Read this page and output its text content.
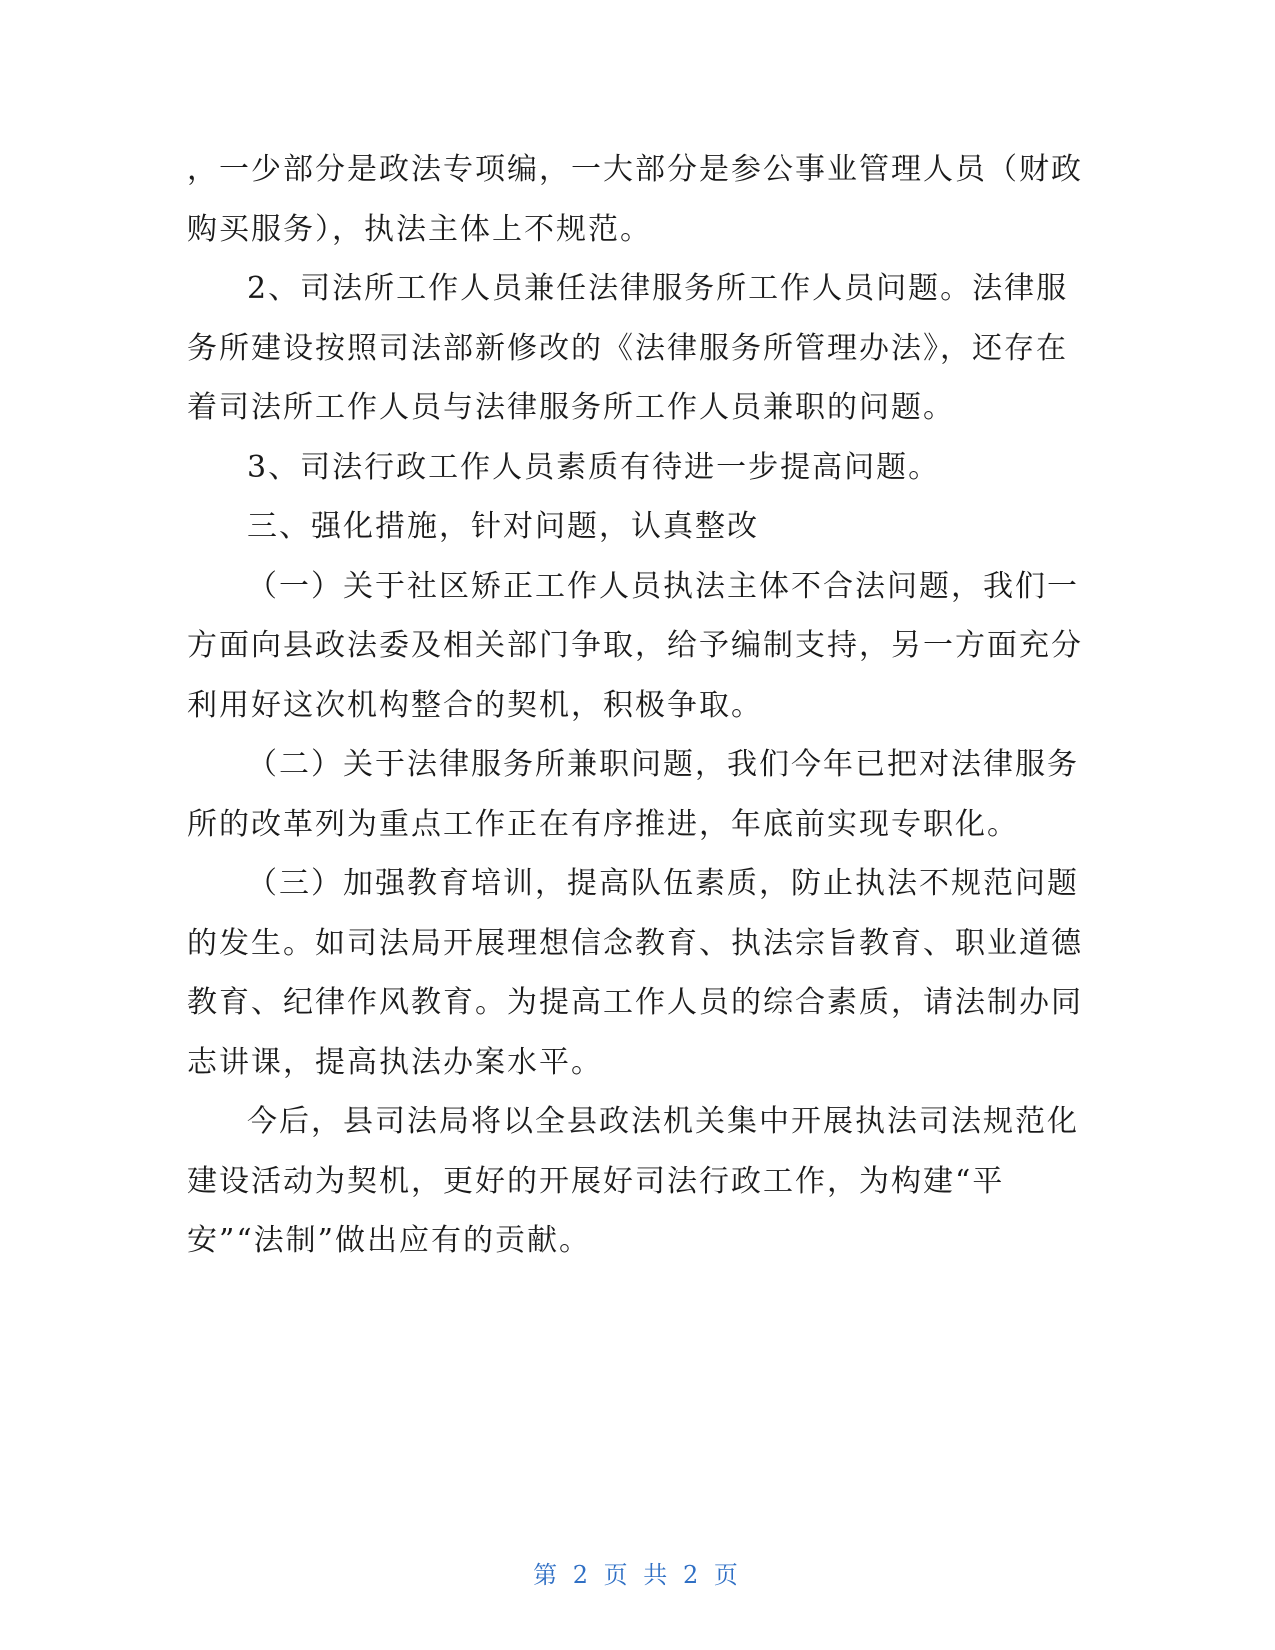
，一少部分是政法专项编，一大部分是参公事业管理人员（财政购买服务），执法主体上不规范。

2、司法所工作人员兼任法律服务所工作人员问题。法律服务所建设按照司法部新修改的《法律服务所管理办法》，还存在着司法所工作人员与法律服务所工作人员兼职的问题。

3、司法行政工作人员素质有待进一步提高问题。

三、强化措施，针对问题，认真整改

（一）关于社区矫正工作人员执法主体不合法问题，我们一方面向县政法委及相关部门争取，给予编制支持，另一方面充分利用好这次机构整合的契机，积极争取。

（二）关于法律服务所兼职问题，我们今年已把对法律服务所的改革列为重点工作正在有序推进，年底前实现专职化。

（三）加强教育培训，提高队伍素质，防止执法不规范问题的发生。如司法局开展理想信念教育、执法宗旨教育、职业道德教育、纪律作风教育。为提高工作人员的综合素质，请法制办同志讲课，提高执法办案水平。

今后，县司法局将以全县政法机关集中开展执法司法规范化建设活动为契机，更好的开展好司法行政工作，为构建“平安”“法制”做出应有的贡献。

第 2 页 共 2 页
